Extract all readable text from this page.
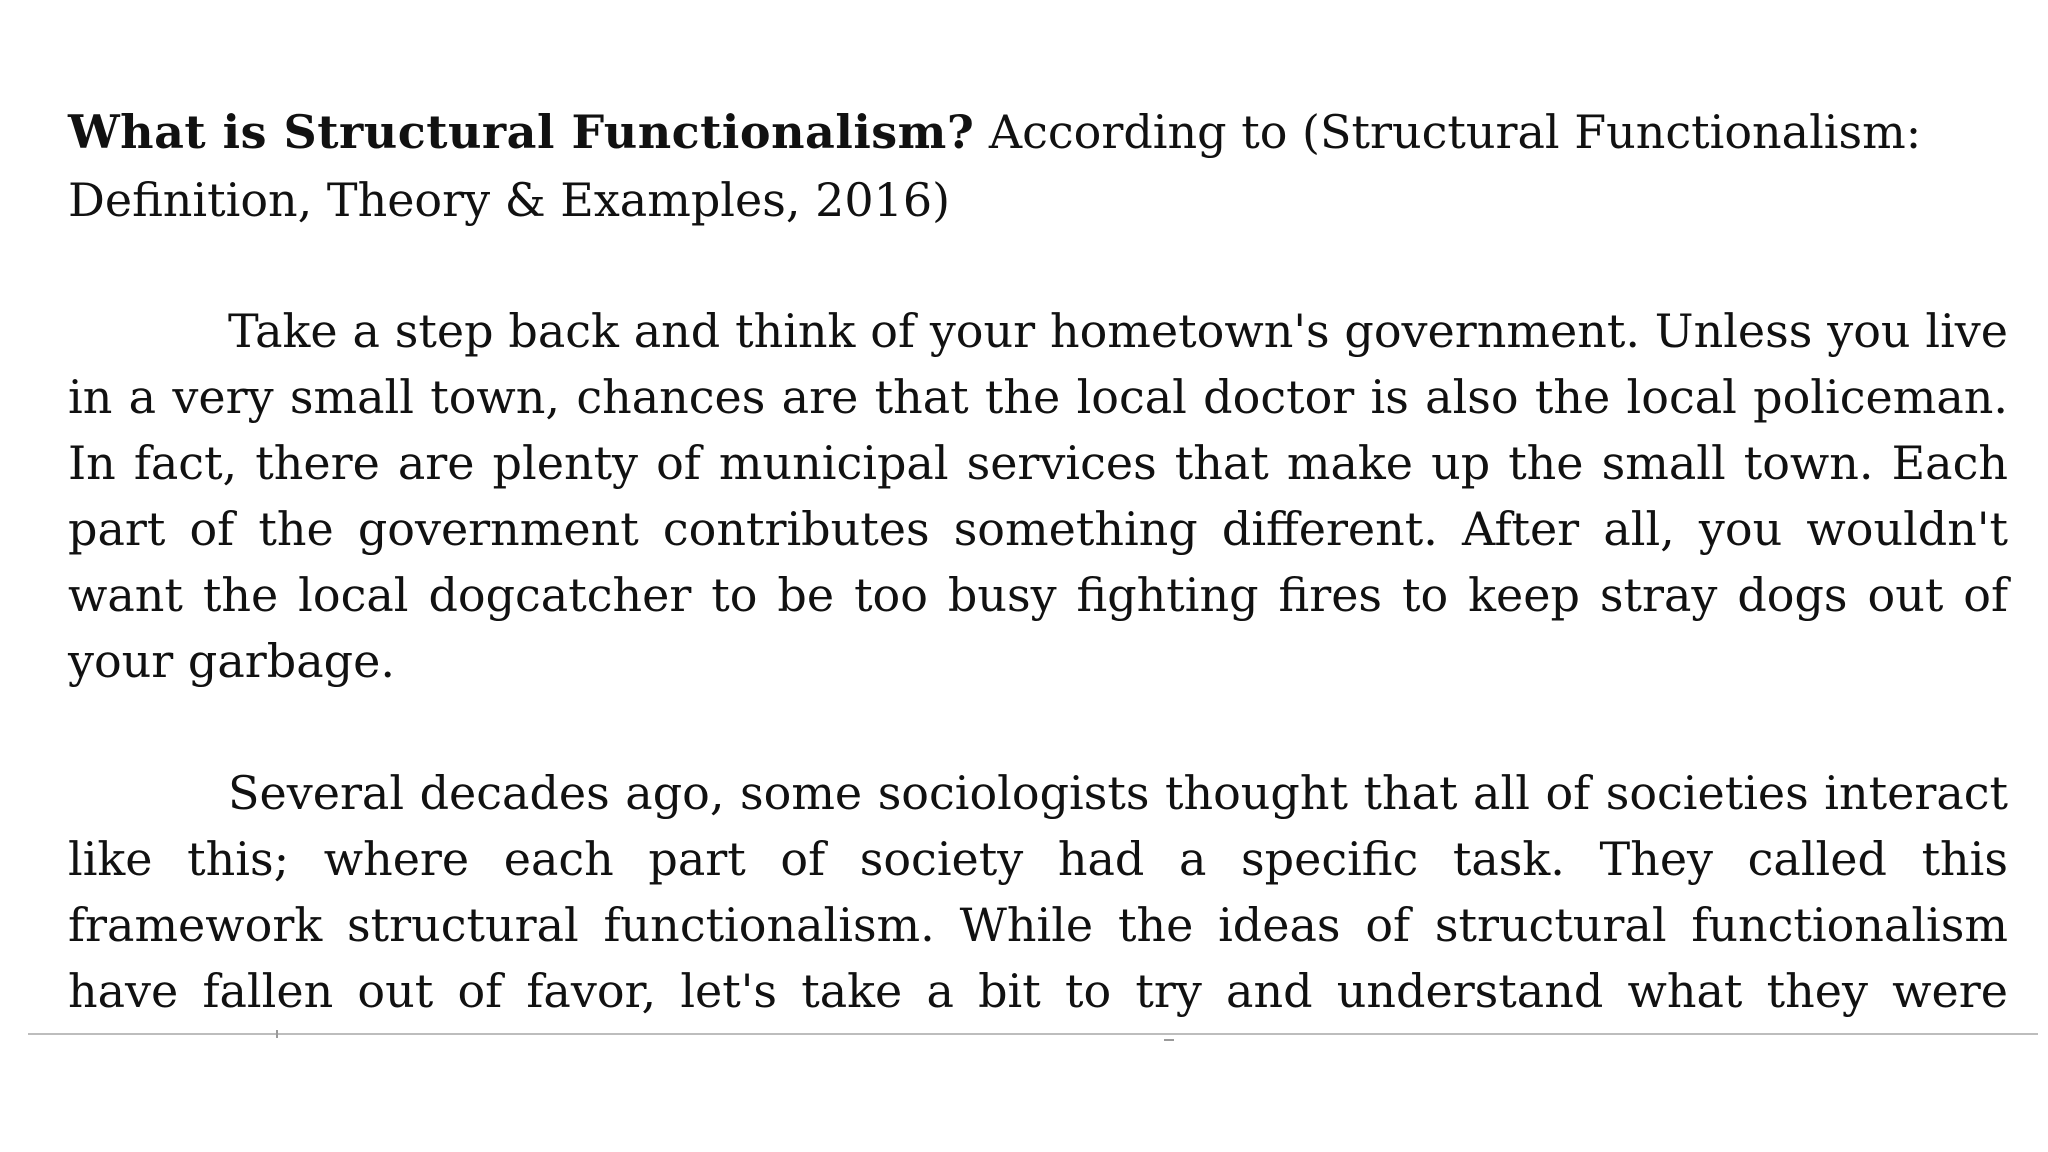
What is Structural Functionalism? According to (Structural Functionalism: Definition, Theory & Examples, 2016)

Take a step back and think of your hometown's government. Unless you live in a very small town, chances are that the local doctor is also the local policeman. In fact, there are plenty of municipal services that make up the small town. Each part of the government contributes something different. After all, you wouldn't want the local dogcatcher to be too busy fighting fires to keep stray dogs out of your garbage.

Several decades ago, some sociologists thought that all of societies interact like this; where each part of society had a specific task. They called this framework structural functionalism. While the ideas of structural functionalism have fallen out of favor, let's take a bit to try and understand what they were
